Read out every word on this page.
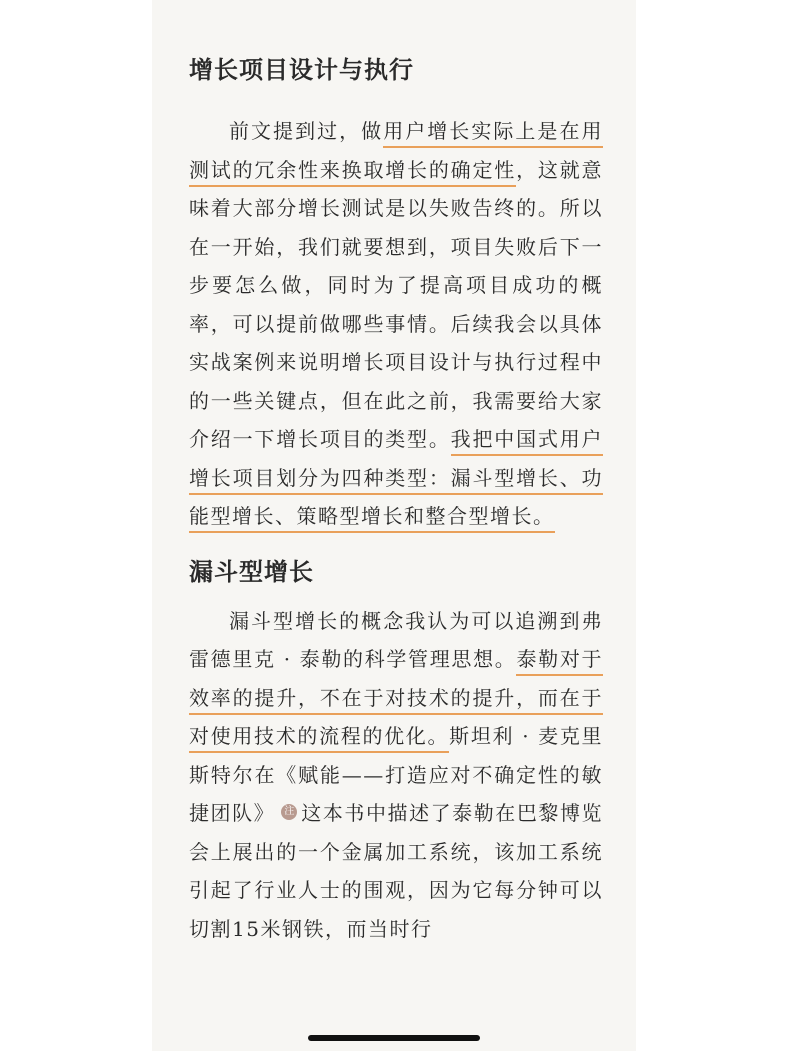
增长项目设计与执行

前文提到过，做用户增长实际上是在用测试的冗余性来换取增长的确定性，这就意味着大部分增长测试是以失败告终的。所以在一开始，我们就要想到，项目失败后下一步要怎么做，同时为了提高项目成功的概率，可以提前做哪些事情。后续我会以具体实战案例来说明增长项目设计与执行过程中的一些关键点，但在此之前，我需要给大家介绍一下增长项目的类型。我把中国式用户增长项目划分为四种类型：漏斗型增长、功能型增长、策略型增长和整合型增长。

漏斗型增长

漏斗型增长的概念我认为可以追溯到弗雷德里克 · 泰勒的科学管理思想。泰勒对于效率的提升，不在于对技术的提升，而在于对使用技术的流程的优化。斯坦利 · 麦克里斯特尔在《赋能——打造应对不确定性的敏捷团队》 注 这本书中描述了泰勒在巴黎博览会上展出的一个金属加工系统，该加工系统引起了行业人士的围观，因为它每分钟可以切割15米钢铁，而当时行
